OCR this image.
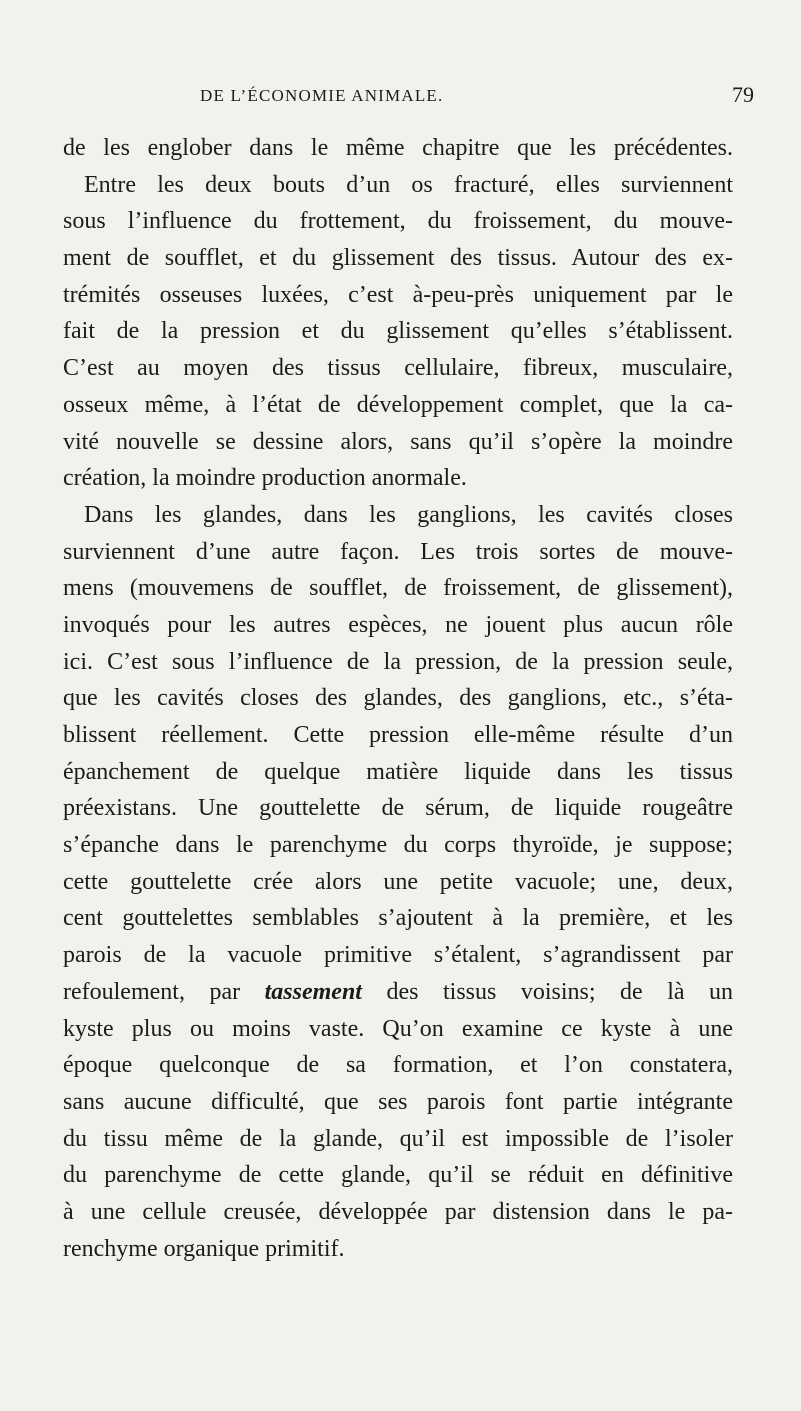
DE L’ÉCONOMIE ANIMALE.	79
de les englober dans le même chapitre que les précédentes.
Entre les deux bouts d’un os fracturé, elles surviennent
sous l’influence du frottement, du froissement, du mouve-
ment de soufflet, et du glissement des tissus. Autour des ex-
trémités osseuses luxées, c’est à-peu-près uniquement par le
fait de la pression et du glissement qu’elles s’établissent.
C’est au moyen des tissus cellulaire, fibreux, musculaire,
osseux même, à l’état de développement complet, que la ca-
vité nouvelle se dessine alors, sans qu’il s’opère la moindre
création, la moindre production anormale.
Dans les glandes, dans les ganglions, les cavités closes
surviennent d’une autre façon. Les trois sortes de mouve-
mens (mouvemens de soufflet, de froissement, de glissement),
invoqués pour les autres espèces, ne jouent plus aucun rôle
ici. C’est sous l’influence de la pression, de la pression seule,
que les cavités closes des glandes, des ganglions, etc., s’éta-
blissent réellement. Cette pression elle-même résulte d’un
épanchement de quelque matière liquide dans les tissus
préexistans. Une gouttelette de sérum, de liquide rougeâtre
s’épanche dans le parenchyme du corps thyroïde, je suppose;
cette gouttelette crée alors une petite vacuole; une, deux,
cent gouttelettes semblables s’ajoutent à la première, et les
parois de la vacuole primitive s’étalent, s’agrandissent par
refoulement, par tassement des tissus voisins; de là un
kyste plus ou moins vaste. Qu’on examine ce kyste à une
époque quelconque de sa formation, et l’on constatera,
sans aucune difficulté, que ses parois font partie intégrante
du tissu même de la glande, qu’il est impossible de l’isoler
du parenchyme de cette glande, qu’il se réduit en définitive
à une cellule creusée, développée par distension dans le pa-
renchyme organique primitif.
